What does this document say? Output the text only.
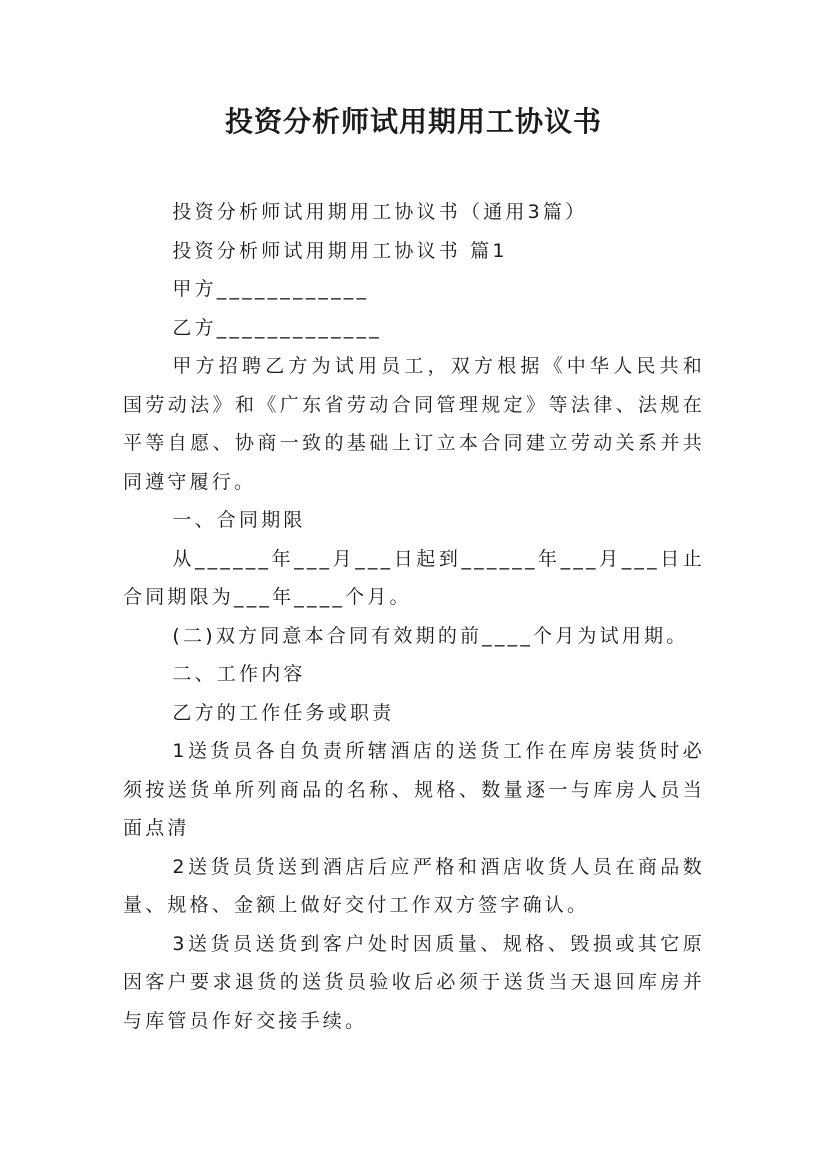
投资分析师试用期用工协议书

投资分析师试用期用工协议书（通用3篇）

投资分析师试用期用工协议书 篇1

甲方____________

乙方_____________

甲方招聘乙方为试用员工，双方根据《中华人民共和国劳动法》和《广东省劳动合同管理规定》等法律、法规在平等自愿、协商一致的基础上订立本合同建立劳动关系并共同遵守履行。

一、合同期限

从______年___月___日起到______年___月___日止合同期限为___年____个月。

(二)双方同意本合同有效期的前____个月为试用期。

二、工作内容

乙方的工作任务或职责

1送货员各自负责所辖酒店的送货工作在库房装货时必须按送货单所列商品的名称、规格、数量逐一与库房人员当面点清

2送货员货送到酒店后应严格和酒店收货人员在商品数量、规格、金额上做好交付工作双方签字确认。

3送货员送货到客户处时因质量、规格、毁损或其它原因客户要求退货的送货员验收后必须于送货当天退回库房并与库管员作好交接手续。
